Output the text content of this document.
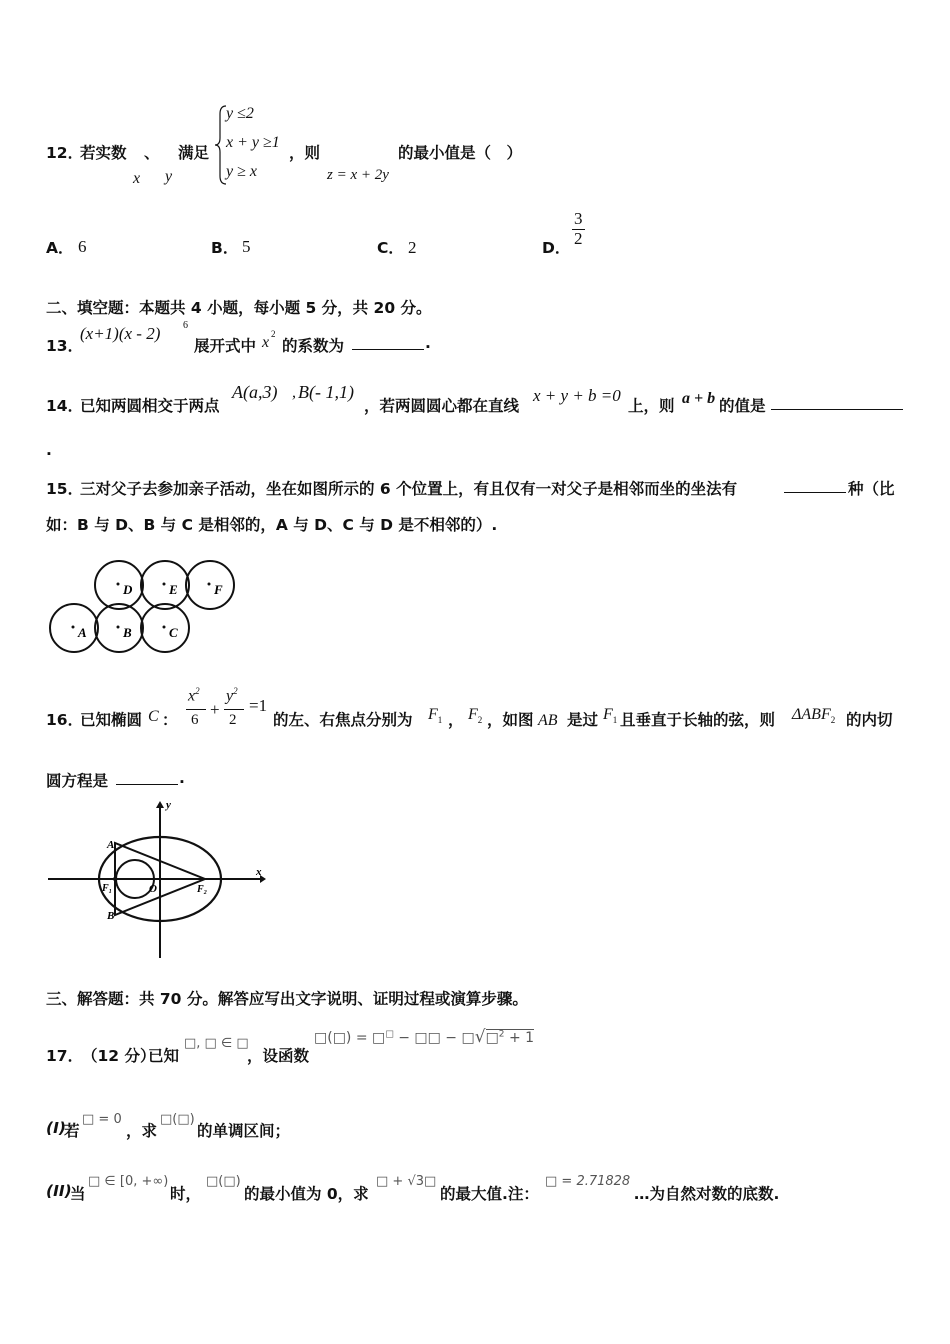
12．
若实数 、 满足
x y
y ≤2
x + y ≥1
y ≥ x
，则
z = x + 2y
的最小值是（　）
A． 6	B． 5	C． 2	D． $\frac{3}{2}$
二、填空题：本题共 4 小题，每小题 5 分，共 20 分。
13．
(x+1)(x - 2) 6
展开式中 x 2
的系数为	.
14．
已知两圆相交于两点
A(a,3) , B(- 1,1)
，若两圆圆心都在直线
x + y + b =0
上，则 a + b 的值是
.
15．
三对父子去参加亲子活动，坐在如图所示的 6 个位置上，有且仅有一对父子是相邻而坐的坐法有	种（比
如：B 与 D、B 与 C 是相邻的，A 与 D、C 与 D 是不相邻的）.
D	E	F
A	B	C
16．
已知椭圆 C ：
$x^2$
6
+
$y^2$
2
=1
的左、右焦点分别为 $F_1$ ， $F_2$ ，如图 AB 是过 $F_1$ 且垂直于长轴的弦，则 $\Delta ABF_2$ 的内切
圆方程是	.
y
x
A
B
F₁	O	F₂
三、解答题：共 70 分。解答应写出文字说明、证明过程或演算步骤。
17．
（12 分）
已知
□, □ ∈ □
，设函数
□(□) = □□ − □□ − □√□$^2$ + 1
(I)
若
□ = 0
，求
□(□)
的单调区间；
(II)
当
□ ∈ [0, +∞)
时，
□(□)
的最小值为 0，求
□ + √3□
的最大值.注：
□ = 2.71828
…为自然对数的底数.
